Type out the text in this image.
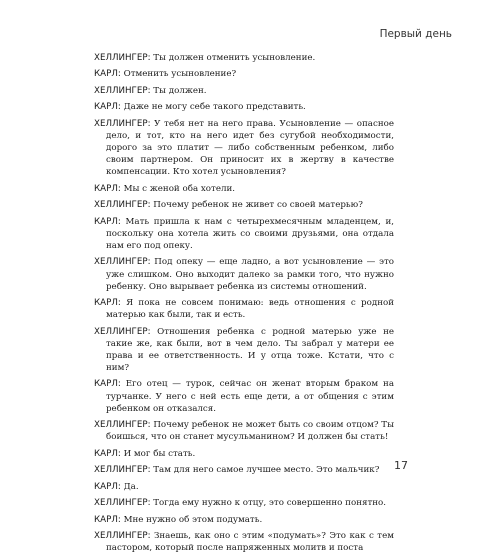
Первый день

ХЕЛЛИНГЕР: Ты должен отменить усыновление.

КАРЛ: Отменить усыновление?

ХЕЛЛИНГЕР: Ты должен.

КАРЛ: Даже не могу себе такого представить.

ХЕЛЛИНГЕР: У тебя нет на него права. Усыновление — опасное дело, и тот, кто на него идет без сугубой необходимости, дорого за это платит — либо собственным ребенком, либо своим партнером. Он приносит их в жертву в качестве компенсации. Кто хотел усыновления?

КАРЛ: Мы с женой оба хотели.

ХЕЛЛИНГЕР: Почему ребенок не живет со своей матерью?

КАРЛ: Мать пришла к нам с четырехмесячным младенцем, и, поскольку она хотела жить со своими друзьями, она отдала нам его под опеку.

ХЕЛЛИНГЕР: Под опеку — еще ладно, а вот усыновление — это уже слишком. Оно выходит далеко за рамки того, что нужно ребенку. Оно вырывает ребенка из системы отношений.

КАРЛ: Я пока не совсем понимаю: ведь отношения с родной матерью как были, так и есть.

ХЕЛЛИНГЕР: Отношения ребенка с родной матерью уже не такие же, как были, вот в чем дело. Ты забрал у матери ее права и ее ответственность. И у отца тоже. Кстати, что с ним?

КАРЛ: Его отец — турок, сейчас он женат вторым браком на турчанке. У него с ней есть еще дети, а от общения с этим ребенком он отказался.

ХЕЛЛИНГЕР: Почему ребенок не может быть со своим отцом? Ты боишься, что он станет мусульманином? И должен бы стать!

КАРЛ: И мог бы стать.

ХЕЛЛИНГЕР: Там для него самое лучшее место. Это мальчик?

КАРЛ: Да.

ХЕЛЛИНГЕР: Тогда ему нужно к отцу, это совершенно понятно.

КАРЛ: Мне нужно об этом подумать.

ХЕЛЛИНГЕР: Знаешь, как оно с этим «подумать»? Это как с тем пастором, который после напряженных молитв и поста

17
